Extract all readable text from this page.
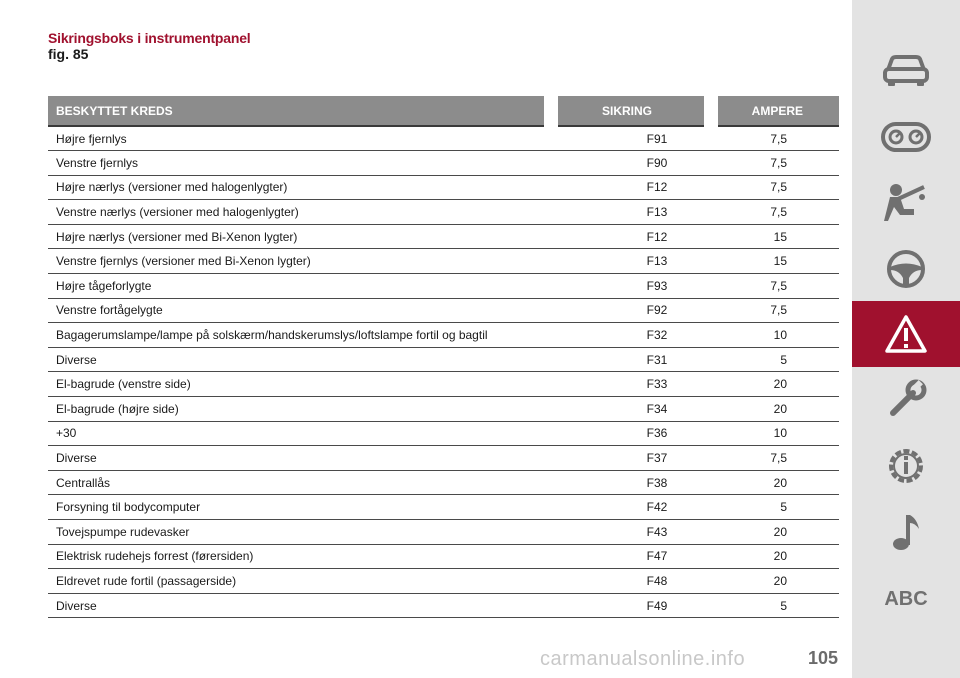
Sikringsboks i instrumentpanel
fig. 85
BESKYTTET KREDS	SIKRING	AMPERE
Højre fjernlys	F91	7,5
Venstre fjernlys	F90	7,5
Højre nærlys (versioner med halogenlygter)	F12	7,5
Venstre nærlys (versioner med halogenlygter)	F13	7,5
Højre nærlys (versioner med Bi-Xenon lygter)	F12	15
Venstre fjernlys (versioner med Bi-Xenon lygter)	F13	15
Højre tågeforlygte	F93	7,5
Venstre fortågelygte	F92	7,5
Bagagerumslampe/lampe på solskærm/handskerumslys/loftslampe fortil og bagtil	F32	10
Diverse	F31	5
El-bagrude (venstre side)	F33	20
El-bagrude (højre side)	F34	20
+30	F36	10
Diverse	F37	7,5
Centrallås	F38	20
Forsyning til bodycomputer	F42	5
Tovejspumpe rudevasker	F43	20
Elektrisk rudehejs forrest (førersiden)	F47	20
Eldrevet rude fortil (passagerside)	F48	20
Diverse	F49	5	ABC
carmanualsonline.info	105
